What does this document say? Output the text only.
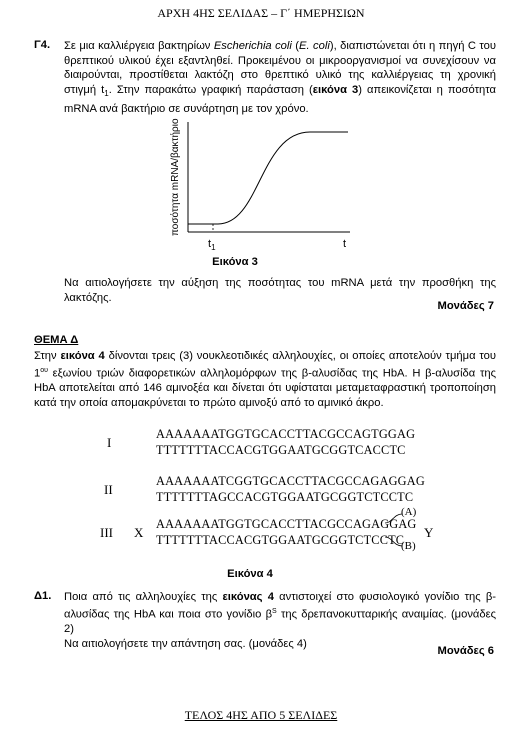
ΑΡΧΗ 4ΗΣ ΣΕΛΙΔΑΣ – Γ΄ ΗΜΕΡΗΣΙΩΝ
Γ4. Σε μια καλλιέργεια βακτηρίων Escherichia coli (E. coli), διαπιστώνεται ότι η πηγή C του θρεπτικού υλικού έχει εξαντληθεί. Προκειμένου οι μικροοργανισμοί να συνεχίσουν να διαιρούνται, προστίθεται λακτόζη στο θρεπτικό υλικό της καλλιέργειας τη χρονική στιγμή $t_1$. Στην παρακάτω γραφική παράσταση (εικόνα 3) απεικονίζεται η ποσότητα mRNA ανά βακτήριο σε συνάρτηση με τον χρόνο.
$t_1$	t
ποσότητα mRNA/βακτήριο
Εικόνα 3
Να αιτιολογήσετε την αύξηση της ποσότητας του mRNA μετά την προσθήκη της λακτόζης.
Μονάδες 7
ΘΕΜΑ Δ
Στην εικόνα 4 δίνονται τρεις (3) νουκλεοτιδικές αλληλουχίες, οι οποίες αποτελούν τμήμα του $1^{o\upsilon}$ εξωνίου τριών διαφορετικών αλληλομόρφων της β-αλυσίδας της HbA. Η β-αλυσίδα της HbA αποτελείται από 146 αμινοξέα και δίνεται ότι υφίσταται μεταμεταφραστική τροποποίηση κατά την οποία απομακρύνεται το πρώτο αμινοξύ από το αμινικό άκρο.
I
AAAAAAATGGTGCACCTTACGCCAGTGGAG
TTTTTTTACCACGTGGAATGCGGTCACCTC
II
AAAAAAATCGGTGCACCTTACGCCAGAGGAG
TTTTTTTAGCCACGTGGAATGCGGTCTCCTC
III X
AAAAAAATGGTGCACCTTACGCCAGAGGAG
TTTTTTTACCACGTGGAATGCGGTCTCCTC
(A)
(B)
Y
Εικόνα 4
Δ1. Ποια από τις αλληλουχίες της εικόνας 4 αντιστοιχεί στο φυσιολογικό γονίδιο της β-αλυσίδας της HbA και ποια στο γονίδιο $\beta^S$ της δρεπανοκυτταρικής αναιμίας. (μονάδες 2)
Να αιτιολογήσετε την απάντηση σας. (μονάδες 4)
Μονάδες 6
ΤΕΛΟΣ 4ΗΣ ΑΠΟ 5 ΣΕΛΙΔΕΣ
